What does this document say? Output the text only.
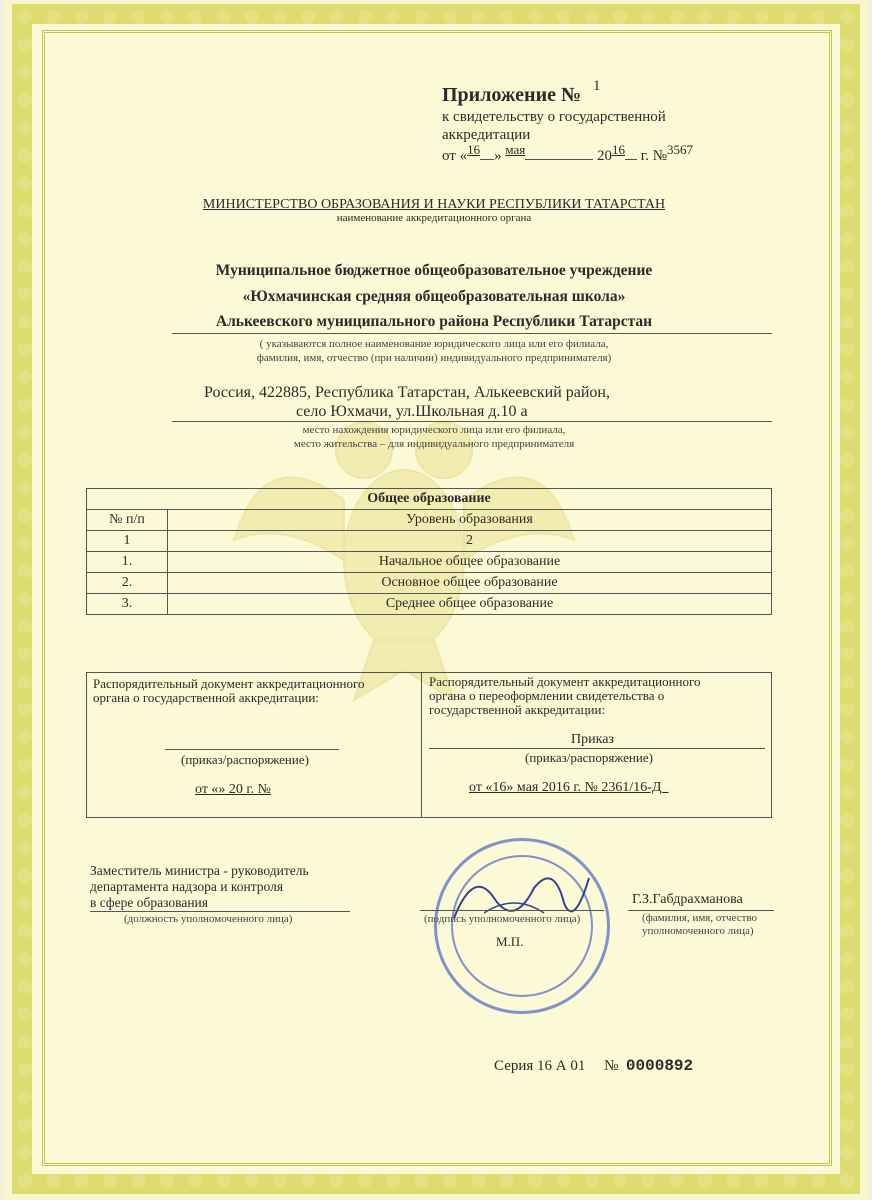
Приложение № 1
к свидетельству о государственной
аккредитации
от «16 » мая	2016 г. №3567
МИНИСТЕРСТВО ОБРАЗОВАНИЯ И НАУКИ РЕСПУБЛИКИ ТАТАРСТАН
наименование аккредитационного органа
Муниципальное бюджетное общеобразовательное учреждение
«Юхмачинская средняя общеобразовательная школа»
Алькеевского муниципального района Республики Татарстан
( указываются полное наименование юридического лица или его филиала,
фамилия, имя, отчество (при наличии) индивидуального предпринимателя)
Россия, 422885, Республика Татарстан, Алькеевский район,
село Юхмачи, ул.Школьная д.10 а
место нахождения юридического лица или его филиала,
место жительства – для индивидуального предпринимателя
Общее образование	
№ п/п	Уровень образования
1	2
1.	Начальное общее образование
2.	Основное общее образование
3.	Среднее общее образование
Распорядительный документ аккредитационного
органа о государственной аккредитации:
(приказ/распоряжение)
от «» 20 г. №
Распорядительный документ аккредитационного
органа о переоформлении свидетельства о
государственной аккредитации:
Приказ
(приказ/распоряжение)
от «16» мая 2016 г. № 2361/16-Д_
Заместитель министра - руководитель
департамента надзора и контроля
в сфере образования
(должность уполномоченного лица)	(подпись уполномоченного лица)
М.П.
Г.З.Габдрахманова
(фамилия, имя, отчество
уполномоченного лица)
Серия 16 А 01 № 0000892
